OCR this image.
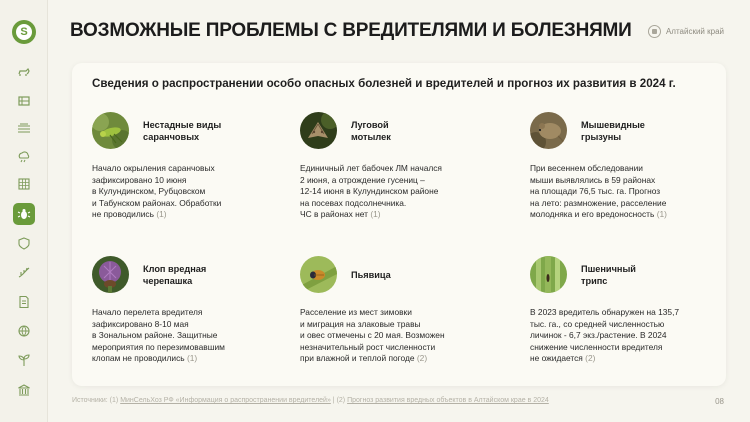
S ВОЗМОЖНЫЕ ПРОБЛЕМЫ С ВРЕДИТЕЛЯМИ И БОЛЕЗНЯМИ	Алтайский край
Сведения о распространении особо опасных болезней и вредителей и прогноз их развития в 2024 г.
Нестадные виды
саранчовых
Начало окрыления саранчовых
зафиксировано 10 июня
в Кулундинском, Рубцовском
и Табунском районах. Обработки
не проводились (1)
Луговой
мотылек
Единичный лет бабочек ЛМ начался
2 июня, а отрождение гусениц –
12-14 июня в Кулундинском районе
на посевах подсолнечника.
ЧС в районах нет (1)
Мышевидные
грызуны
При весеннем обследовании
мыши выявлялись в 59 районах
на площади 76,5 тыс. га. Прогноз
на лето: размножение, расселение
молодняка и его вредоносность (1)
Клоп вредная
черепашка
Начало перелета вредителя
зафиксировано 8-10 мая
в Зональном районе. Защитные
мероприятия по перезимовавшим
клопам не проводились (1)
Пьявица
Расселение из мест зимовки
и миграция на злаковые травы
и овес отмечены с 20 мая. Возможен
незначительный рост численности
при влажной и теплой погоде (2)
Пшеничный
трипс
В 2023 вредитель обнаружен на 135,7
тыс. га., со средней численностью
личинок - 6,7 экз./растение. В 2024
снижение численности вредителя
не ожидается (2)
Источники: (1) МинСельХоз РФ «Информация о распространении вредителей» | (2) Прогноз развития вредных объектов в Алтайском крае в 2024	08
